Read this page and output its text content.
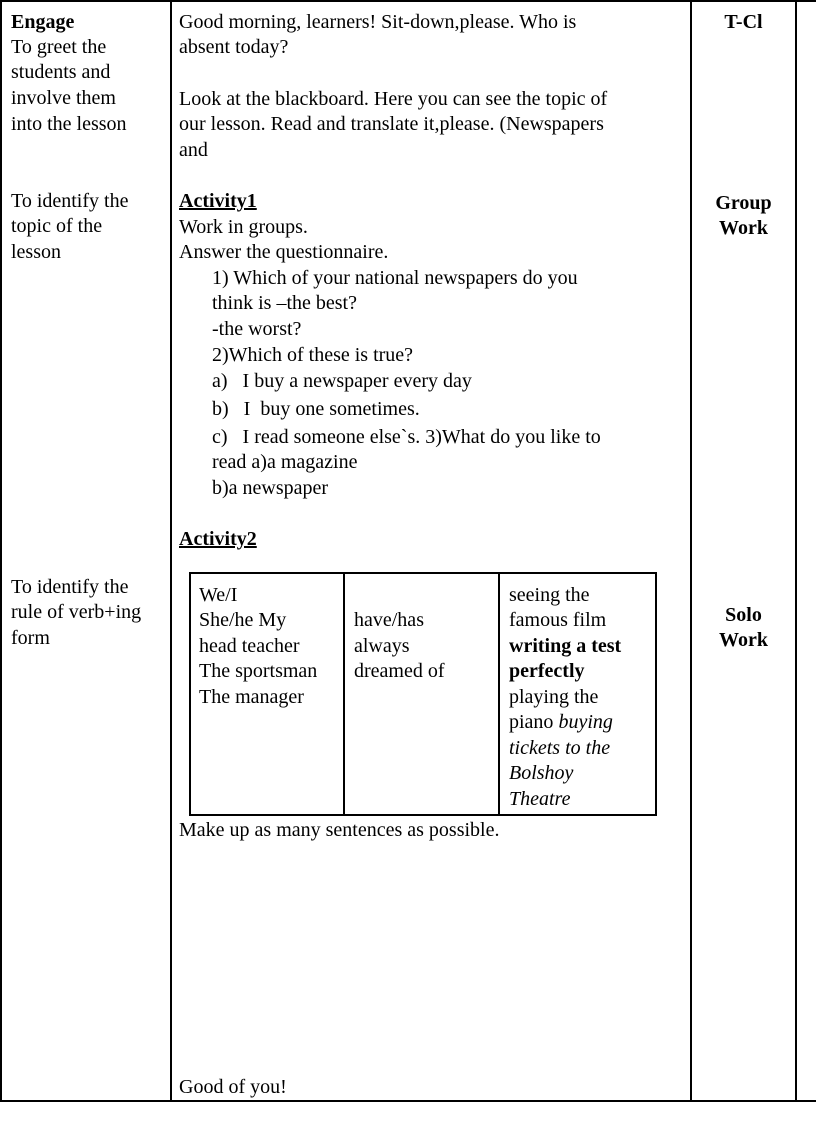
Engage
To greet the
students and
involve them
into the lesson
To identify the
topic of the
lesson
To identify the
rule of verb+ing
form
Good morning, learners! Sit-down,please. Who is
absent today?
Look at the blackboard. Here you can see the topic of
our lesson. Read and translate it,please. (Newspapers
and
Activity1
Work in groups.
Answer the questionnaire.
1) Which of your national newspapers do you
think is –the best?
-the worst?
2)Which of these is true?
a)   I buy a newspaper every day
b)   I  buy one sometimes.
c)   I read someone else`s. 3)What do you like to
read a)a magazine
b)a newspaper
Activity2
We/I
She/he My
head teacher
The sportsman
The manager
have/has
always
dreamed of
seeing the
famous film
writing a test
perfectly
playing the
piano buying
tickets to the
Bolshoy
Theatre
Make up as many sentences as possible.
Good of you!
T-Cl
Group
Work
Solo
Work
